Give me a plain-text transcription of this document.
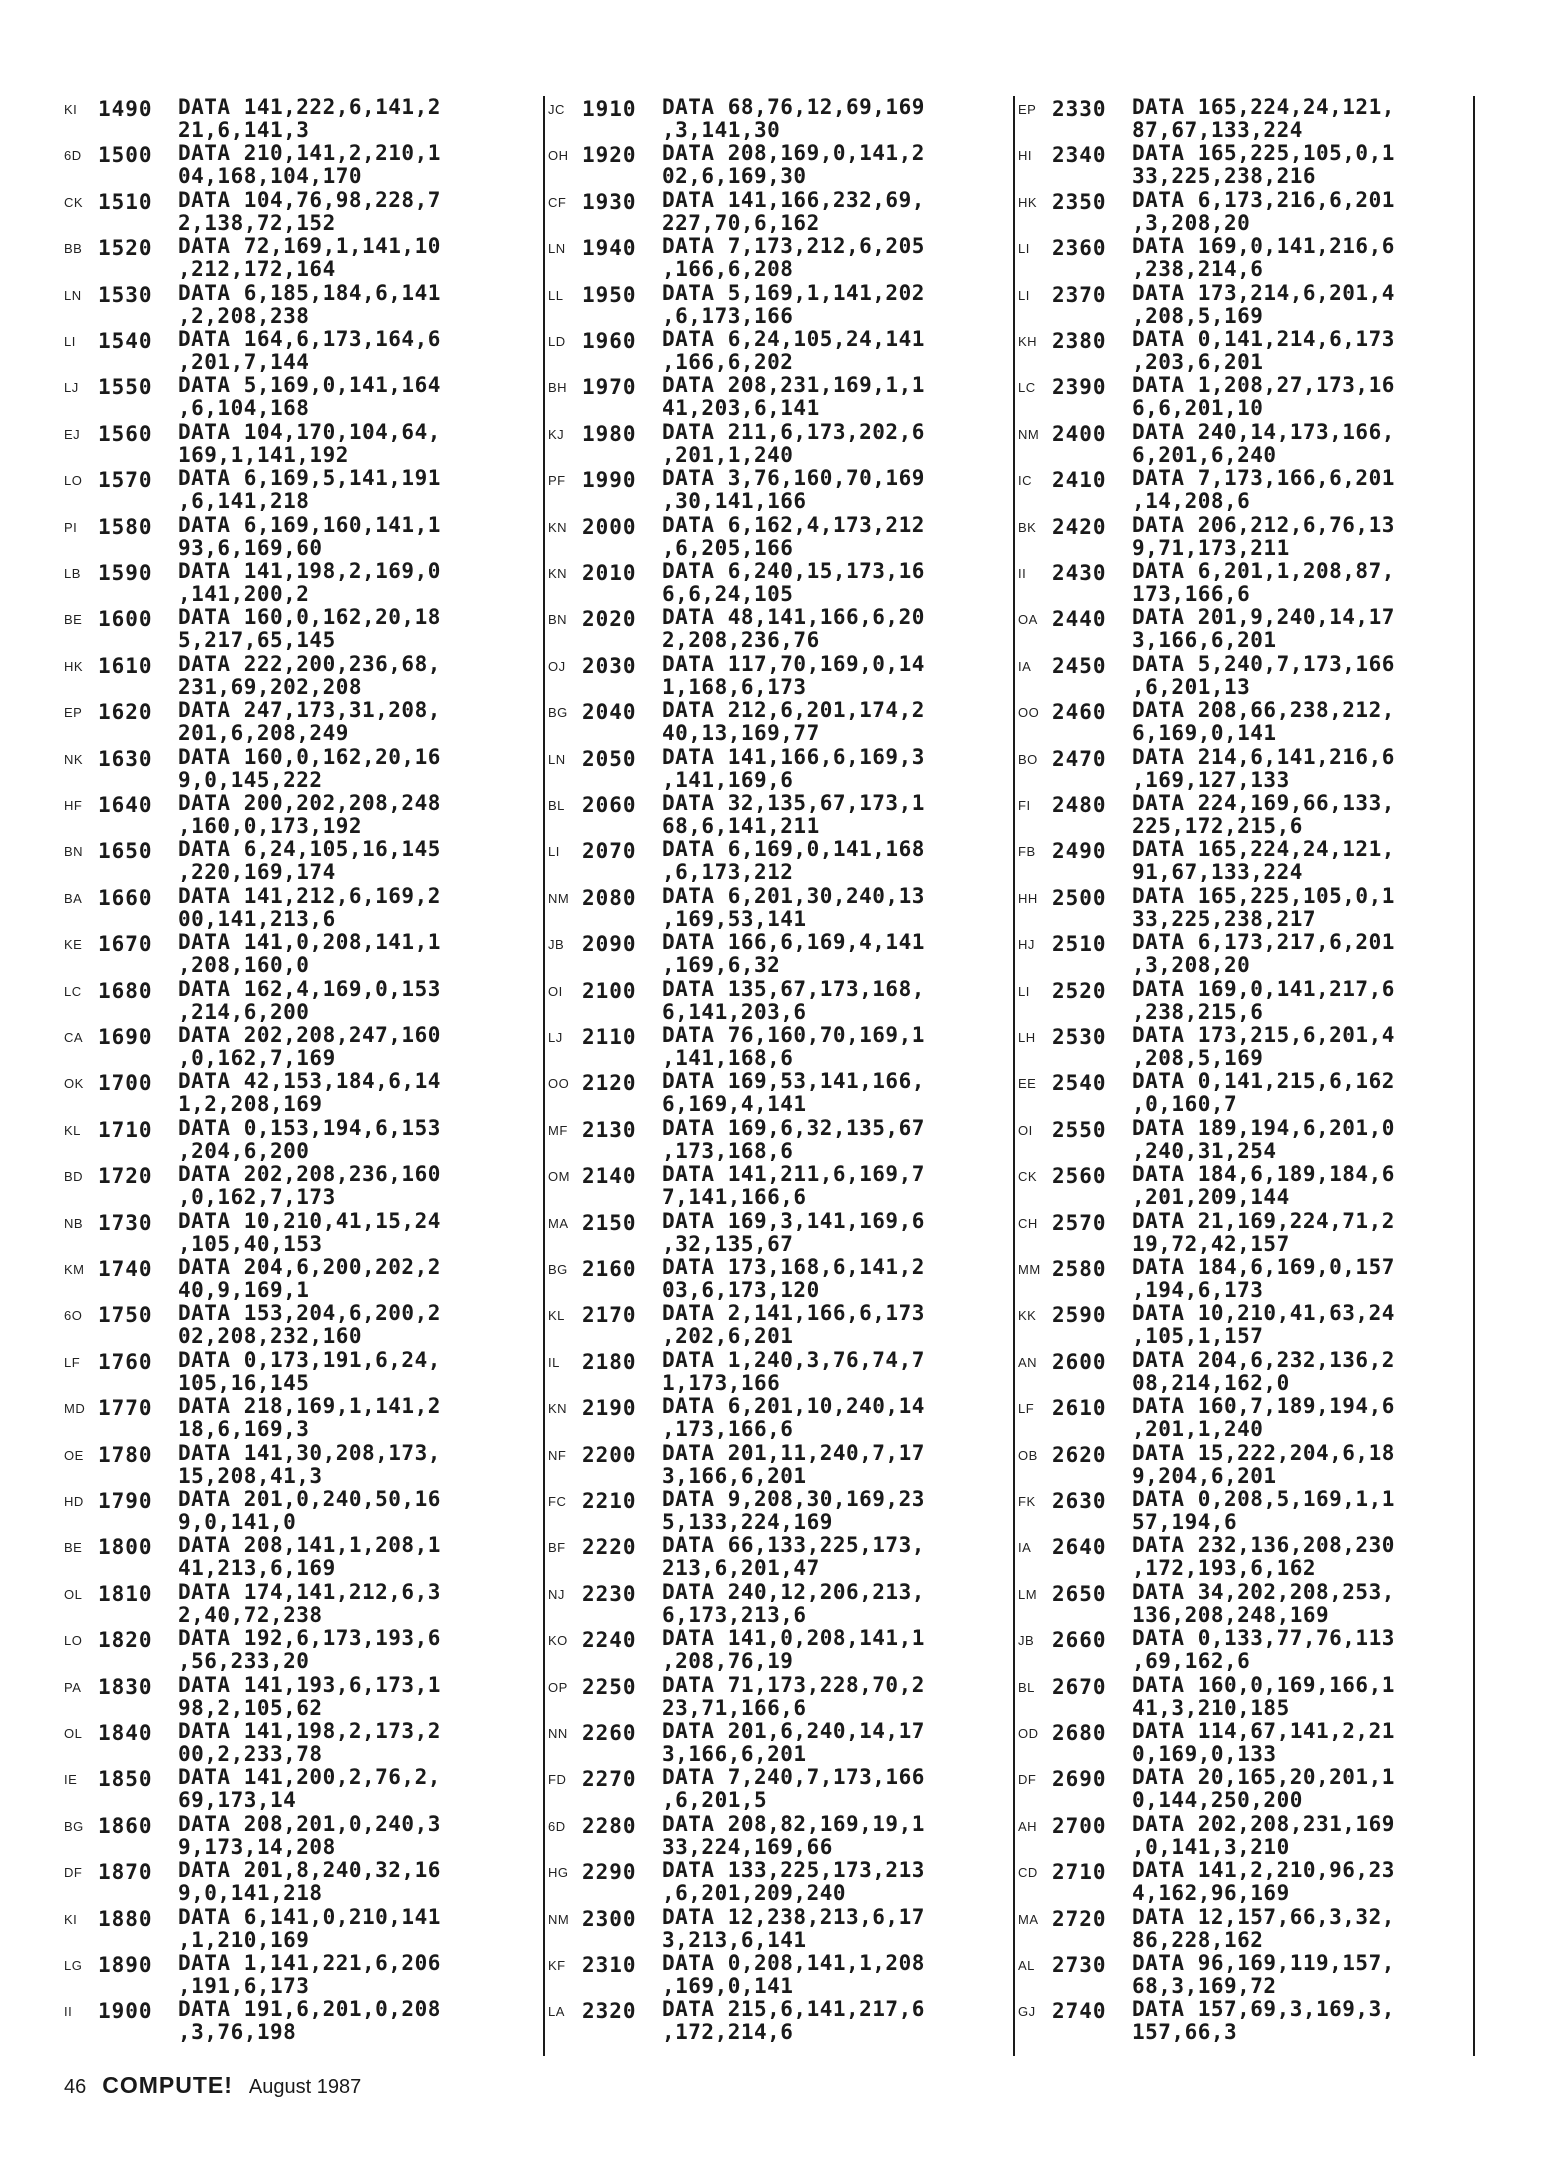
KI 1490	DATA 141,222,6,141,2
21,6,141,3
6D 1500	DATA 210,141,2,210,1
04,168,104,170
CK 1510	DATA 104,76,98,228,7
2,138,72,152
BB 1520	DATA 72,169,1,141,10
,212,172,164
LN 1530	DATA 6,185,184,6,141
,2,208,238
LI	1540	DATA 164,6,173,164,6
,201,7,144
LJ 1550	DATA 5,169,0,141,164
,6,104,168
EJ 1560	DATA 104,170,104,64,
169,1,141,192
LO 1570	DATA 6,169,5,141,191
,6,141,218
PI 1580	DATA 6,169,160,141,1
93,6,169,60
LB 1590	DATA 141,198,2,169,0
,141,200,2
BE 1600	DATA 160,0,162,20,18
5,217,65,145
HK 1610	DATA 222,200,236,68,
231,69,202,208
EP 1620	DATA 247,173,31,208,
201,6,208,249
NK 1630	DATA 160,0,162,20,16
9,0,145,222
HF 1640	DATA 200,202,208,248
,160,0,173,192
BN 1650	DATA 6,24,105,16,145
,220,169,174
BA 1660	DATA 141,212,6,169,2
00,141,213,6
KE 1670	DATA 141,0,208,141,1
,208,160,0
LC 1680	DATA 162,4,169,0,153
,214,6,200
CA 1690	DATA 202,208,247,160
,0,162,7,169
OK 1700	DATA 42,153,184,6,14
1,2,208,169
KL 1710	DATA 0,153,194,6,153
,204,6,200
BD 1720	DATA 202,208,236,160
,0,162,7,173
NB 1730	DATA 10,210,41,15,24
,105,40,153
KM 1740	DATA 204,6,200,202,2
40,9,169,1
6O 1750	DATA 153,204,6,200,2
02,208,232,160
LF 1760	DATA 0,173,191,6,24,
105,16,145
MD 1770	DATA 218,169,1,141,2
18,6,169,3
OE 1780	DATA 141,30,208,173,
15,208,41,3
HD 1790	DATA 201,0,240,50,16
9,0,141,0
BE 1800	DATA 208,141,1,208,1
41,213,6,169
OL 1810	DATA 174,141,212,6,3
2,40,72,238
LO 1820	DATA 192,6,173,193,6
,56,233,20
PA 1830	DATA 141,193,6,173,1
98,2,105,62
OL 1840	DATA 141,198,2,173,2
00,2,233,78
IE 1850	DATA 141,200,2,76,2,
69,173,14
BG 1860	DATA 208,201,0,240,3
9,173,14,208
DF 1870	DATA 201,8,240,32,16
9,0,141,218
KI 1880	DATA 6,141,0,210,141
,1,210,169
LG 1890	DATA 1,141,221,6,206
,191,6,173
II	1900	DATA 191,6,201,0,208
,3,76,198
JC 1910	DATA 68,76,12,69,169
,3,141,30
OH 1920	DATA 208,169,0,141,2
02,6,169,30
CF 1930	DATA 141,166,232,69,
227,70,6,162
LN 1940	DATA 7,173,212,6,205
,166,6,208
LL 1950	DATA 5,169,1,141,202
,6,173,166
LD 1960	DATA 6,24,105,24,141
,166,6,202
BH 1970	DATA 208,231,169,1,1
41,203,6,141
KJ 1980	DATA 211,6,173,202,6
,201,1,240
PF 1990	DATA 3,76,160,70,169
,30,141,166
KN 2000	DATA 6,162,4,173,212
,6,205,166
KN 2010	DATA 6,240,15,173,16
6,6,24,105
BN 2020	DATA 48,141,166,6,20
2,208,236,76
OJ 2030	DATA 117,70,169,0,14
1,168,6,173
BG 2040	DATA 212,6,201,174,2
40,13,169,77
LN 2050	DATA 141,166,6,169,3
,141,169,6
BL 2060	DATA 32,135,67,173,1
68,6,141,211
LI	2070	DATA 6,169,0,141,168
,6,173,212
NM 2080	DATA 6,201,30,240,13
,169,53,141
JB 2090	DATA 166,6,169,4,141
,169,6,32
OI 2100	DATA 135,67,173,168,
6,141,203,6
LJ 2110	DATA 76,160,70,169,1
,141,168,6
OO 2120	DATA 169,53,141,166,
6,169,4,141
MF 2130	DATA 169,6,32,135,67
,173,168,6
OM 2140	DATA 141,211,6,169,7
7,141,166,6
MA 2150	DATA 169,3,141,169,6
,32,135,67
BG 2160	DATA 173,168,6,141,2
03,6,173,120
KL 2170	DATA 2,141,166,6,173
,202,6,201
IL	2180	DATA 1,240,3,76,74,7
1,173,166
KN 2190	DATA 6,201,10,240,14
,173,166,6
NF 2200	DATA 201,11,240,7,17
3,166,6,201
FC 2210	DATA 9,208,30,169,23
5,133,224,169
BF 2220	DATA 66,133,225,173,
213,6,201,47
NJ 2230	DATA 240,12,206,213,
6,173,213,6
KO 2240	DATA 141,0,208,141,1
,208,76,19
OP 2250	DATA 71,173,228,70,2
23,71,166,6
NN 2260	DATA 201,6,240,14,17
3,166,6,201
FD 2270	DATA 7,240,7,173,166
,6,201,5
6D 2280	DATA 208,82,169,19,1
33,224,169,66
HG 2290	DATA 133,225,173,213
,6,201,209,240
NM 2300	DATA 12,238,213,6,17
3,213,6,141
KF 2310	DATA 0,208,141,1,208
,169,0,141
LA 2320	DATA 215,6,141,217,6
,172,214,6
EP 2330	DATA 165,224,24,121,
87,67,133,224
HI 2340	DATA 165,225,105,0,1
33,225,238,216
HK 2350	DATA 6,173,216,6,201
,3,208,20
LI	2360	DATA 169,0,141,216,6
,238,214,6
LI	2370	DATA 173,214,6,201,4
,208,5,169
KH 2380	DATA 0,141,214,6,173
,203,6,201
LC 2390	DATA 1,208,27,173,16
6,6,201,10
NM 2400	DATA 240,14,173,166,
6,201,6,240
IC 2410	DATA 7,173,166,6,201
,14,208,6
BK 2420	DATA 206,212,6,76,13
9,71,173,211
II	2430	DATA 6,201,1,208,87,
173,166,6
OA 2440	DATA 201,9,240,14,17
3,166,6,201
IA 2450	DATA 5,240,7,173,166
,6,201,13
OO 2460	DATA 208,66,238,212,
6,169,0,141
BO 2470	DATA 214,6,141,216,6
,169,127,133
FI	2480	DATA 224,169,66,133,
225,172,215,6
FB 2490	DATA 165,224,24,121,
91,67,133,224
HH 2500	DATA 165,225,105,0,1
33,225,238,217
HJ 2510	DATA 6,173,217,6,201
,3,208,20
LI	2520	DATA 169,0,141,217,6
,238,215,6
LH 2530	DATA 173,215,6,201,4
,208,5,169
EE 2540	DATA 0,141,215,6,162
,0,160,7
OI 2550	DATA 189,194,6,201,0
,240,31,254
CK 2560	DATA 184,6,189,184,6
,201,209,144
CH 2570	DATA 21,169,224,71,2
19,72,42,157
MM 2580	DATA 184,6,169,0,157
,194,6,173
KK 2590	DATA 10,210,41,63,24
,105,1,157
AN 2600	DATA 204,6,232,136,2
08,214,162,0
LF 2610	DATA 160,7,189,194,6
,201,1,240
OB 2620	DATA 15,222,204,6,18
9,204,6,201
FK 2630	DATA 0,208,5,169,1,1
57,194,6
IA 2640	DATA 232,136,208,230
,172,193,6,162
LM 2650	DATA 34,202,208,253,
136,208,248,169
JB 2660	DATA 0,133,77,76,113
,69,162,6
BL 2670	DATA 160,0,169,166,1
41,3,210,185
OD 2680	DATA 114,67,141,2,21
0,169,0,133
DF 2690	DATA 20,165,20,201,1
0,144,250,200
AH 2700	DATA 202,208,231,169
,0,141,3,210
CD 2710	DATA 141,2,210,96,23
4,162,96,169
MA 2720	DATA 12,157,66,3,32,
86,228,162
AL 2730	DATA 96,169,119,157,
68,3,169,72
GJ 2740	DATA 157,69,3,169,3,
157,66,3
46 COMPUTE! August 1987
